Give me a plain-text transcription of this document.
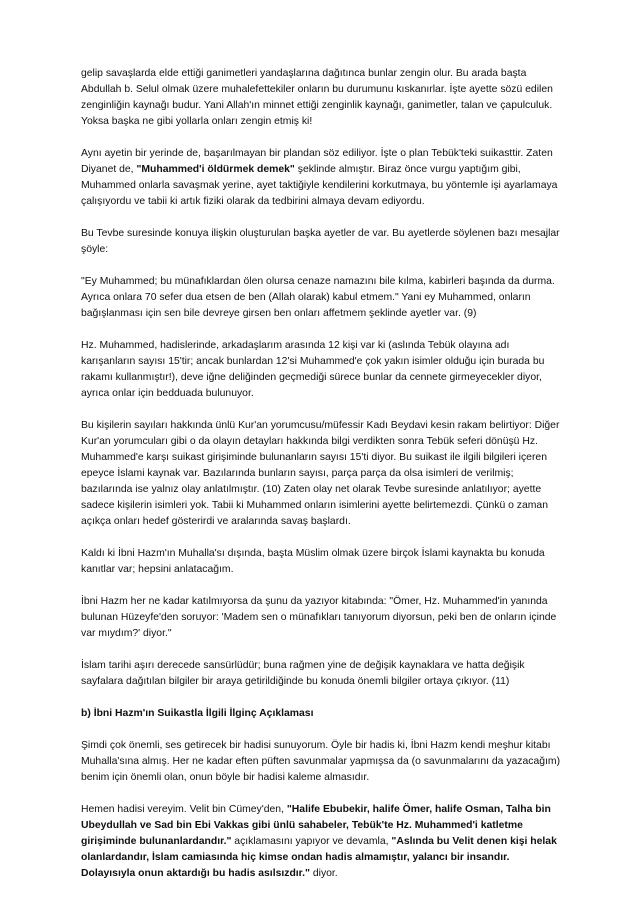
gelip savaşlarda elde ettiği ganimetleri yandaşlarına dağıtınca bunlar zengin olur. Bu arada başta Abdullah b. Selul olmak üzere muhalefettekiler onların bu durumunu kıskanırlar. İşte ayette sözü edilen zenginliğin kaynağı budur. Yani Allah'ın minnet ettiği zenginlik kaynağı, ganimetler, talan ve çapulculuk. Yoksa başka ne gibi yollarla onları zengin etmiş ki!

Aynı ayetin bir yerinde de, başarılmayan bir plandan söz ediliyor. İşte o plan Tebük'teki suikasttir. Zaten Diyanet de, "Muhammed'i öldürmek demek" şeklinde almıştır. Biraz önce vurgu yaptığım gibi, Muhammed onlarla savaşmak yerine, ayet taktiğiyle kendilerini korkutmaya, bu yöntemle işi ayarlamaya çalışıyordu ve tabii ki artık fiziki olarak da tedbirini almaya devam ediyordu.

Bu Tevbe suresinde konuya ilişkin oluşturulan başka ayetler de var. Bu ayetlerde söylenen bazı mesajlar şöyle:

"Ey Muhammed; bu münafıklardan ölen olursa cenaze namazını bile kılma, kabirleri başında da durma. Ayrıca onlara 70 sefer dua etsen de ben (Allah olarak) kabul etmem." Yani ey Muhammed, onların bağışlanması için sen bile devreye girsen ben onları affetmem şeklinde ayetler var. (9)

Hz. Muhammed, hadislerinde, arkadaşlarım arasında 12 kişi var ki (aslında Tebük olayına adı karışanların sayısı 15'tir; ancak bunlardan 12'si Muhammed'e çok yakın isimler olduğu için burada bu rakamı kullanmıştır!), deve iğne deliğinden geçmediği sürece bunlar da cennete girmeyecekler diyor, ayrıca onlar için bedduada bulunuyor.

Bu kişilerin sayıları hakkında ünlü Kur'an yorumcusu/müfessir Kadı Beydavi kesin rakam belirtiyor: Diğer Kur'an yorumcuları gibi o da olayın detayları hakkında bilgi verdikten sonra Tebük seferi dönüşü Hz. Muhammed'e karşı suikast girişiminde bulunanların sayısı 15'ti diyor. Bu suikast ile ilgili bilgileri içeren epeyce İslami kaynak var. Bazılarında bunların sayısı, parça parça da olsa isimleri de verilmiş; bazılarında ise yalnız olay anlatılmıştır. (10) Zaten olay net olarak Tevbe suresinde anlatılıyor; ayette sadece kişilerin isimleri yok. Tabii ki Muhammed onların isimlerini ayette belirtemezdi. Çünkü o zaman açıkça onları hedef gösterirdi ve aralarında savaş başlardı.

Kaldı ki İbni Hazm'ın Muhalla'sı dışında, başta Müslim olmak üzere birçok İslami kaynakta bu konuda kanıtlar var; hepsini anlatacağım.

İbni Hazm her ne kadar katılmıyorsa da şunu da yazıyor kitabında: "Ömer, Hz. Muhammed'in yanında bulunan Hüzeyfe'den soruyor: 'Madem sen o münafıkları tanıyorum diyorsun, peki ben de onların içinde var mıydım?' diyor."

İslam tarihi aşırı derecede sansürlüdür; buna rağmen yine de değişik kaynaklara ve hatta değişik sayfalara dağıtılan bilgiler bir araya getirildiğinde bu konuda önemli bilgiler ortaya çıkıyor. (11)

b) İbni Hazm'ın Suikastla İlgili İlginç Açıklaması

Şimdi çok önemli, ses getirecek bir hadisi sunuyorum. Öyle bir hadis ki, İbni Hazm kendi meşhur kitabı Muhalla'sına almış. Her ne kadar eften püften savunmalar yapmışsa da (o savunmalarını da yazacağım) benim için önemli olan, onun böyle bir hadisi kaleme almasıdır.

Hemen hadisi vereyim. Velit bin Cümey'den, "Halife Ebubekir, halife Ömer, halife Osman, Talha bin Ubeydullah ve Sad bin Ebi Vakkas gibi ünlü sahabeler, Tebük'te Hz. Muhammed'i katletme girişiminde bulunanlardandır." açıklamasını yapıyor ve devamla, "Aslında bu Velit denen kişi helak olanlardandır, İslam camiasında hiç kimse ondan hadis almamıştır, yalancı bir insandır. Dolayısıyla onun aktardığı bu hadis asılsızdır." diyor.
